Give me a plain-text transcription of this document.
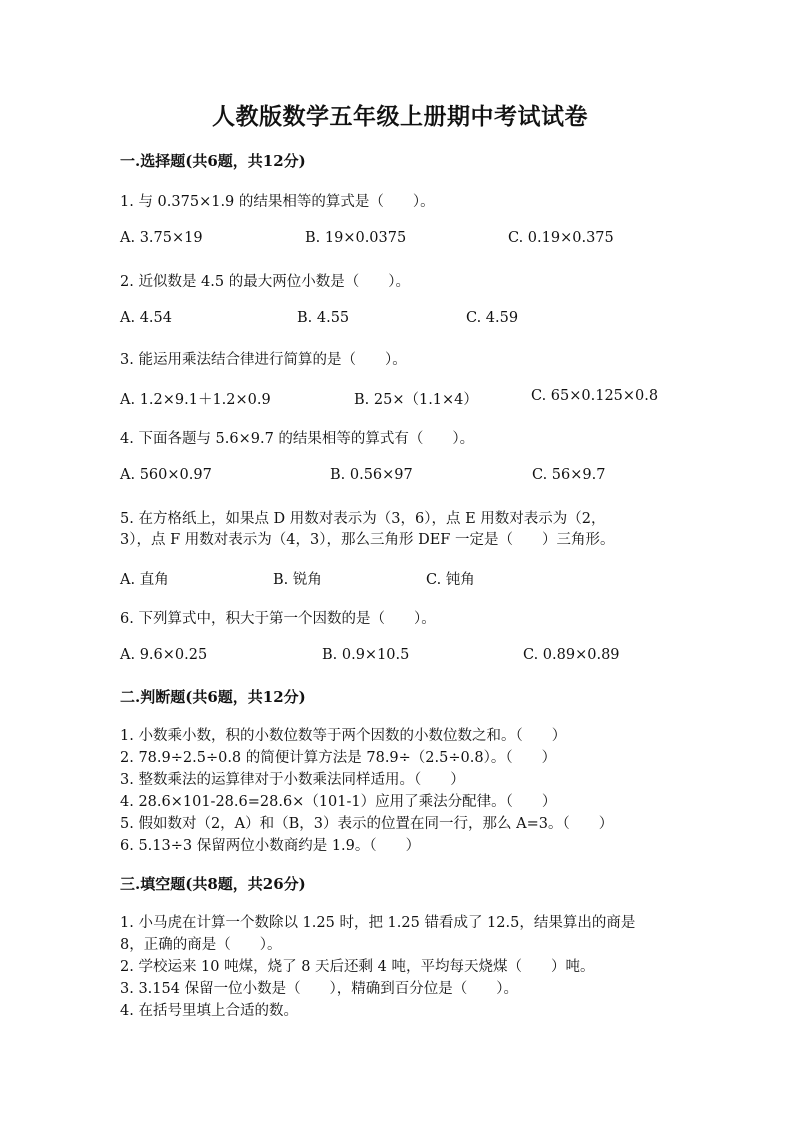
人教版数学五年级上册期中考试试卷
一.选择题(共6题，共12分)
1. 与 0.375×1.9 的结果相等的算式是（　　）。
A. 3.75×19	B. 19×0.0375	C. 0.19×0.375
2. 近似数是 4.5 的最大两位小数是（　　）。
A. 4.54	B. 4.55	C. 4.59
3. 能运用乘法结合律进行简算的是（　　）。
A. 1.2×9.1＋1.2×0.9	B. 25×（1.1×4）	C. 65×0.125×0.8
4. 下面各题与 5.6×9.7 的结果相等的算式有（　　）。
A. 560×0.97	B. 0.56×97	C. 56×9.7
5. 在方格纸上，如果点 D 用数对表示为（3，6），点 E 用数对表示为（2，
3），点 F 用数对表示为（4，3），那么三角形 DEF 一定是（　　）三角形。
A. 直角	B. 锐角	C. 钝角
6. 下列算式中，积大于第一个因数的是（　　）。
A. 9.6×0.25	B. 0.9×10.5	C. 0.89×0.89
二.判断题(共6题，共12分)
1. 小数乘小数，积的小数位数等于两个因数的小数位数之和。（　　）
2. 78.9÷2.5÷0.8 的简便计算方法是 78.9÷（2.5÷0.8）。（　　）
3. 整数乘法的运算律对于小数乘法同样适用。（　　）
4. 28.6×101-28.6=28.6×（101-1）应用了乘法分配律。（　　）
5. 假如数对（2，A）和（B，3）表示的位置在同一行，那么 A=3。（　　）
6. 5.13÷3 保留两位小数商约是 1.9。（　　）
三.填空题(共8题，共26分)
1. 小马虎在计算一个数除以 1.25 时，把 1.25 错看成了 12.5，结果算出的商是
8，正确的商是（　　）。
2. 学校运来 10 吨煤，烧了 8 天后还剩 4 吨，平均每天烧煤（　　）吨。
3. 3.154 保留一位小数是（　　），精确到百分位是（　　）。
4. 在括号里填上合适的数。
